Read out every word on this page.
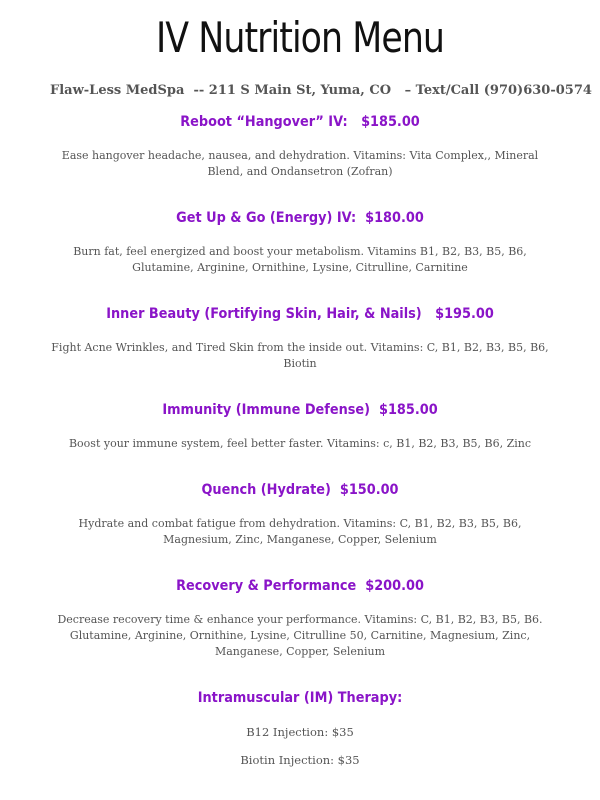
IV Nutrition Menu
Flaw-Less MedSpa  -- 211 S Main St, Yuma, CO   – Text/Call (970)630-0574
Reboot “Hangover” IV:   $185.00

Ease hangover headache, nausea, and dehydration. Vitamins: Vita Complex,, Mineral Blend, and Ondansetron (Zofran)

Get Up & Go (Energy) IV:  $180.00

Burn fat, feel energized and boost your metabolism. Vitamins B1, B2, B3, B5, B6, Glutamine, Arginine, Ornithine, Lysine, Citrulline, Carnitine

Inner Beauty (Fortifying Skin, Hair, & Nails)   $195.00

Fight Acne Wrinkles, and Tired Skin from the inside out. Vitamins: C, B1, B2, B3, B5, B6, Biotin

Immunity (Immune Defense)  $185.00

Boost your immune system, feel better faster. Vitamins: c, B1, B2, B3, B5, B6, Zinc

Quench (Hydrate)  $150.00

Hydrate and combat fatigue from dehydration. Vitamins: C, B1, B2, B3, B5, B6, Magnesium, Zinc, Manganese, Copper, Selenium

Recovery & Performance  $200.00

Decrease recovery time & enhance your performance. Vitamins: C, B1, B2, B3, B5, B6. Glutamine, Arginine, Ornithine, Lysine, Citrulline 50, Carnitine, Magnesium, Zinc, Manganese, Copper, Selenium

Intramuscular (IM) Therapy:

B12 Injection: $35

Biotin Injection: $35
